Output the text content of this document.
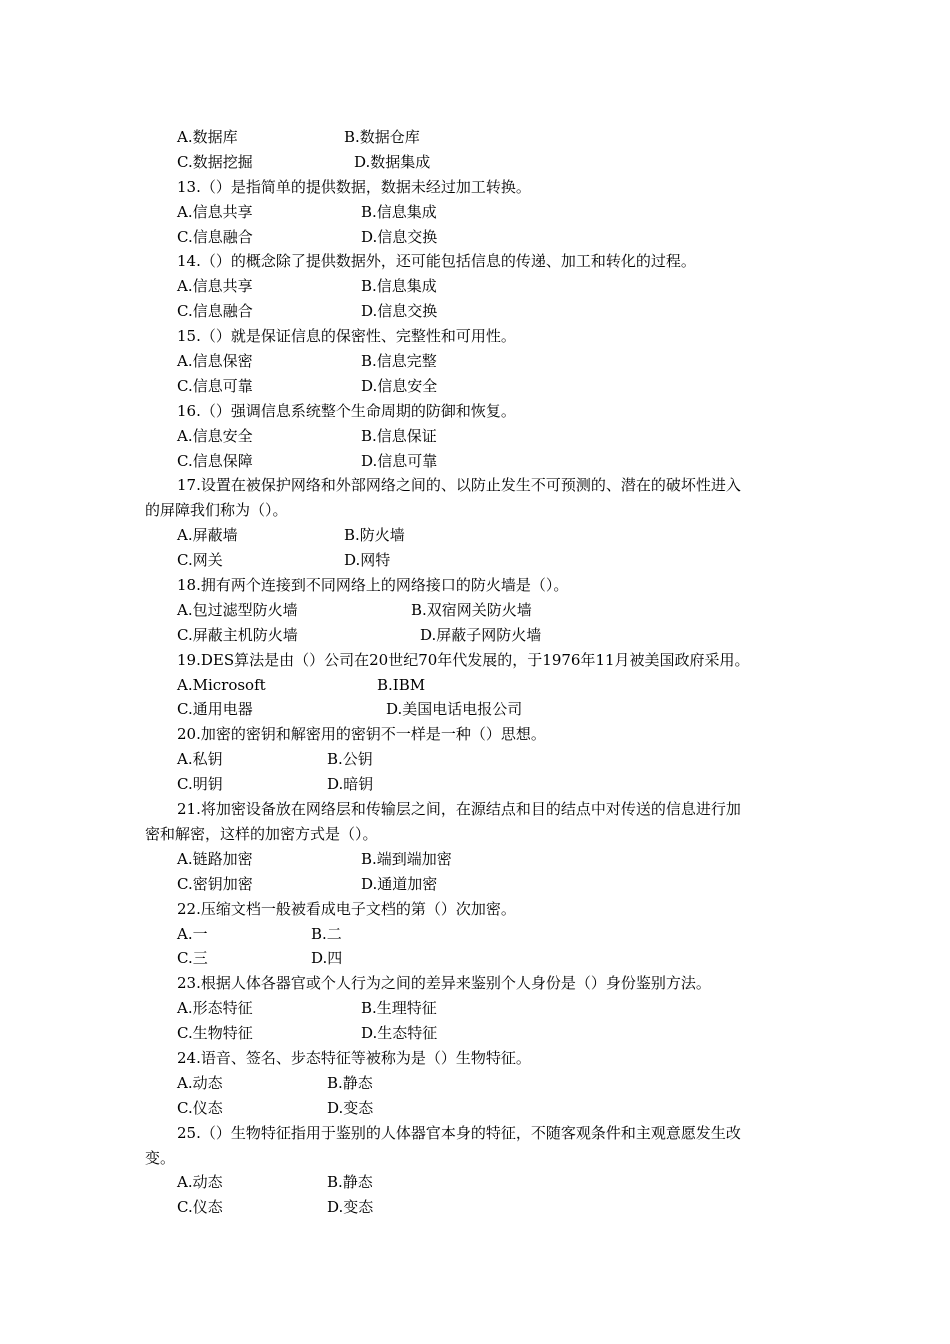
A.数据库	B.数据仓库
C.数据挖掘	D.数据集成
13.（）是指简单的提供数据，数据未经过加工转换。
A.信息共享	B.信息集成
C.信息融合	D.信息交换
14.（）的概念除了提供数据外，还可能包括信息的传递、加工和转化的过程。
A.信息共享	B.信息集成
C.信息融合	D.信息交换
15.（）就是保证信息的保密性、完整性和可用性。
A.信息保密	B.信息完整
C.信息可靠	D.信息安全
16.（）强调信息系统整个生命周期的防御和恢复。
A.信息安全	B.信息保证
C.信息保障	D.信息可靠
17.设置在被保护网络和外部网络之间的、以防止发生不可预测的、潜在的破坏性进入
的屏障我们称为（）。
A.屏蔽墙	B.防火墙
C.网关	D.网特
18.拥有两个连接到不同网络上的网络接口的防火墙是（）。
A.包过滤型防火墙	B.双宿网关防火墙
C.屏蔽主机防火墙	D.屏蔽子网防火墙
19.DES算法是由（）公司在20世纪70年代发展的，于1976年11月被美国政府采用。
A.Microsoft	B.IBM
C.通用电器	D.美国电话电报公司
20.加密的密钥和解密用的密钥不一样是一种（）思想。
A.私钥	B.公钥
C.明钥	D.暗钥
21.将加密设备放在网络层和传输层之间，在源结点和目的结点中对传送的信息进行加
密和解密，这样的加密方式是（）。
A.链路加密	B.端到端加密
C.密钥加密	D.通道加密
22.压缩文档一般被看成电子文档的第（）次加密。
A.一	B.二
C.三	D.四
23.根据人体各器官或个人行为之间的差异来鉴别个人身份是（）身份鉴别方法。
A.形态特征	B.生理特征
C.生物特征	D.生态特征
24.语音、签名、步态特征等被称为是（）生物特征。
A.动态	B.静态
C.仪态	D.变态
25.（）生物特征指用于鉴别的人体器官本身的特征，不随客观条件和主观意愿发生改
变。
A.动态	B.静态
C.仪态	D.变态
